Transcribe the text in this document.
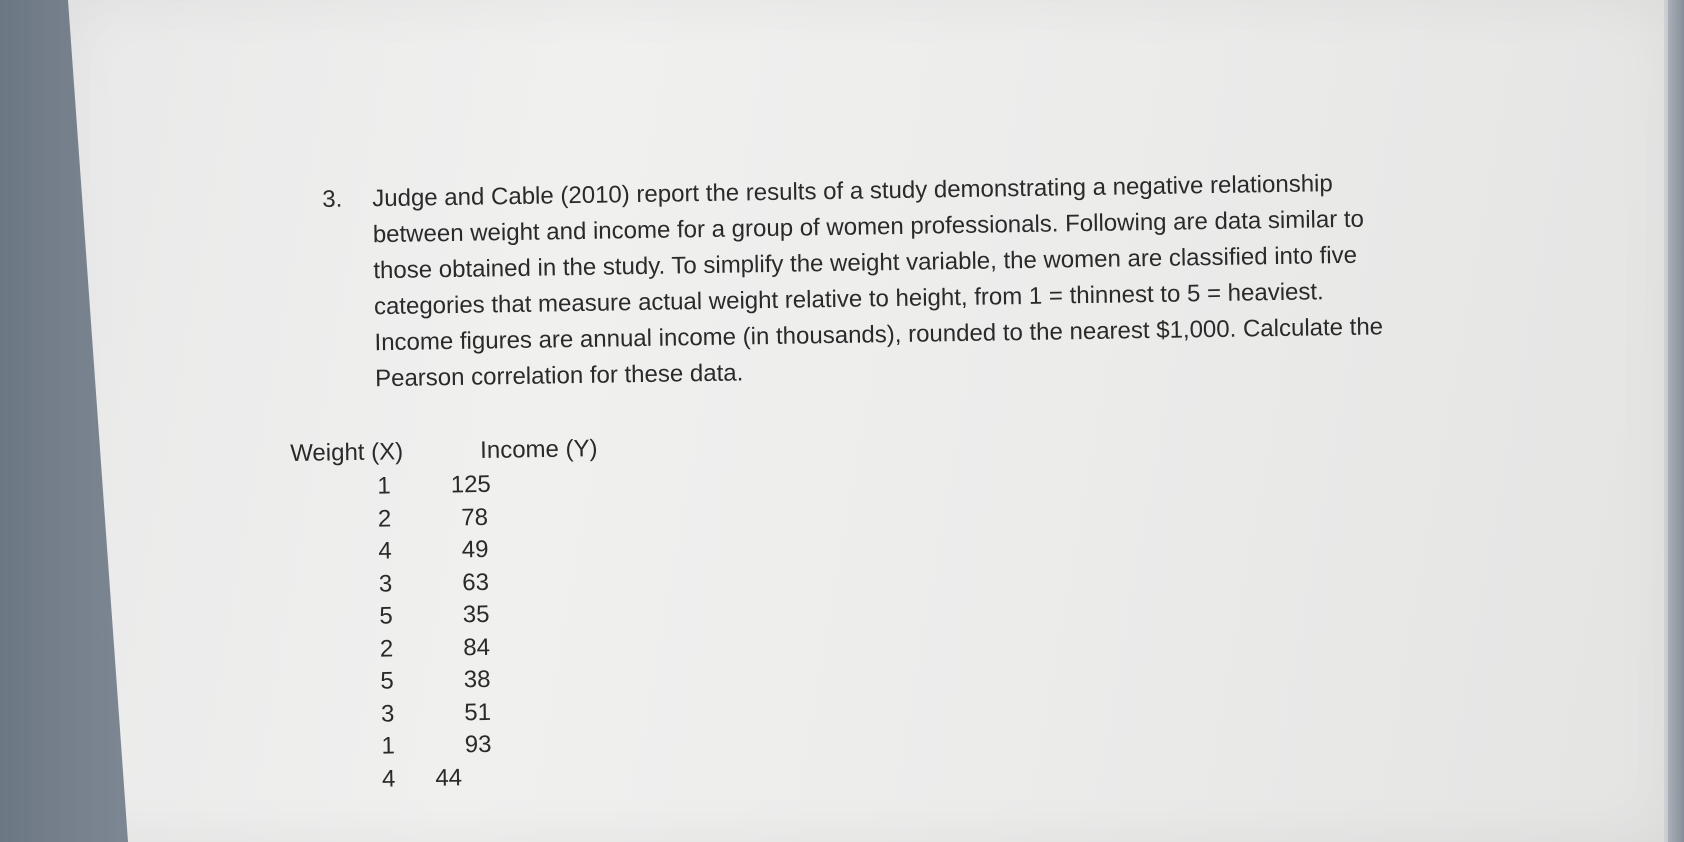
3. Judge and Cable (2010) report the results of a study demonstrating a negative relationship
between weight and income for a group of women professionals. Following are data similar to
those obtained in the study. To simplify the weight variable, the women are classified into five
categories that measure actual weight relative to height, from 1 = thinnest to 5 = heaviest.
Income figures are annual income (in thousands), rounded to the nearest $1,000. Calculate the
Pearson correlation for these data.
Weight (X)	Income (Y)
1 125
2	78
4	49
3	63
5	35
2	84
5	38
3	51
1	93
4 44
